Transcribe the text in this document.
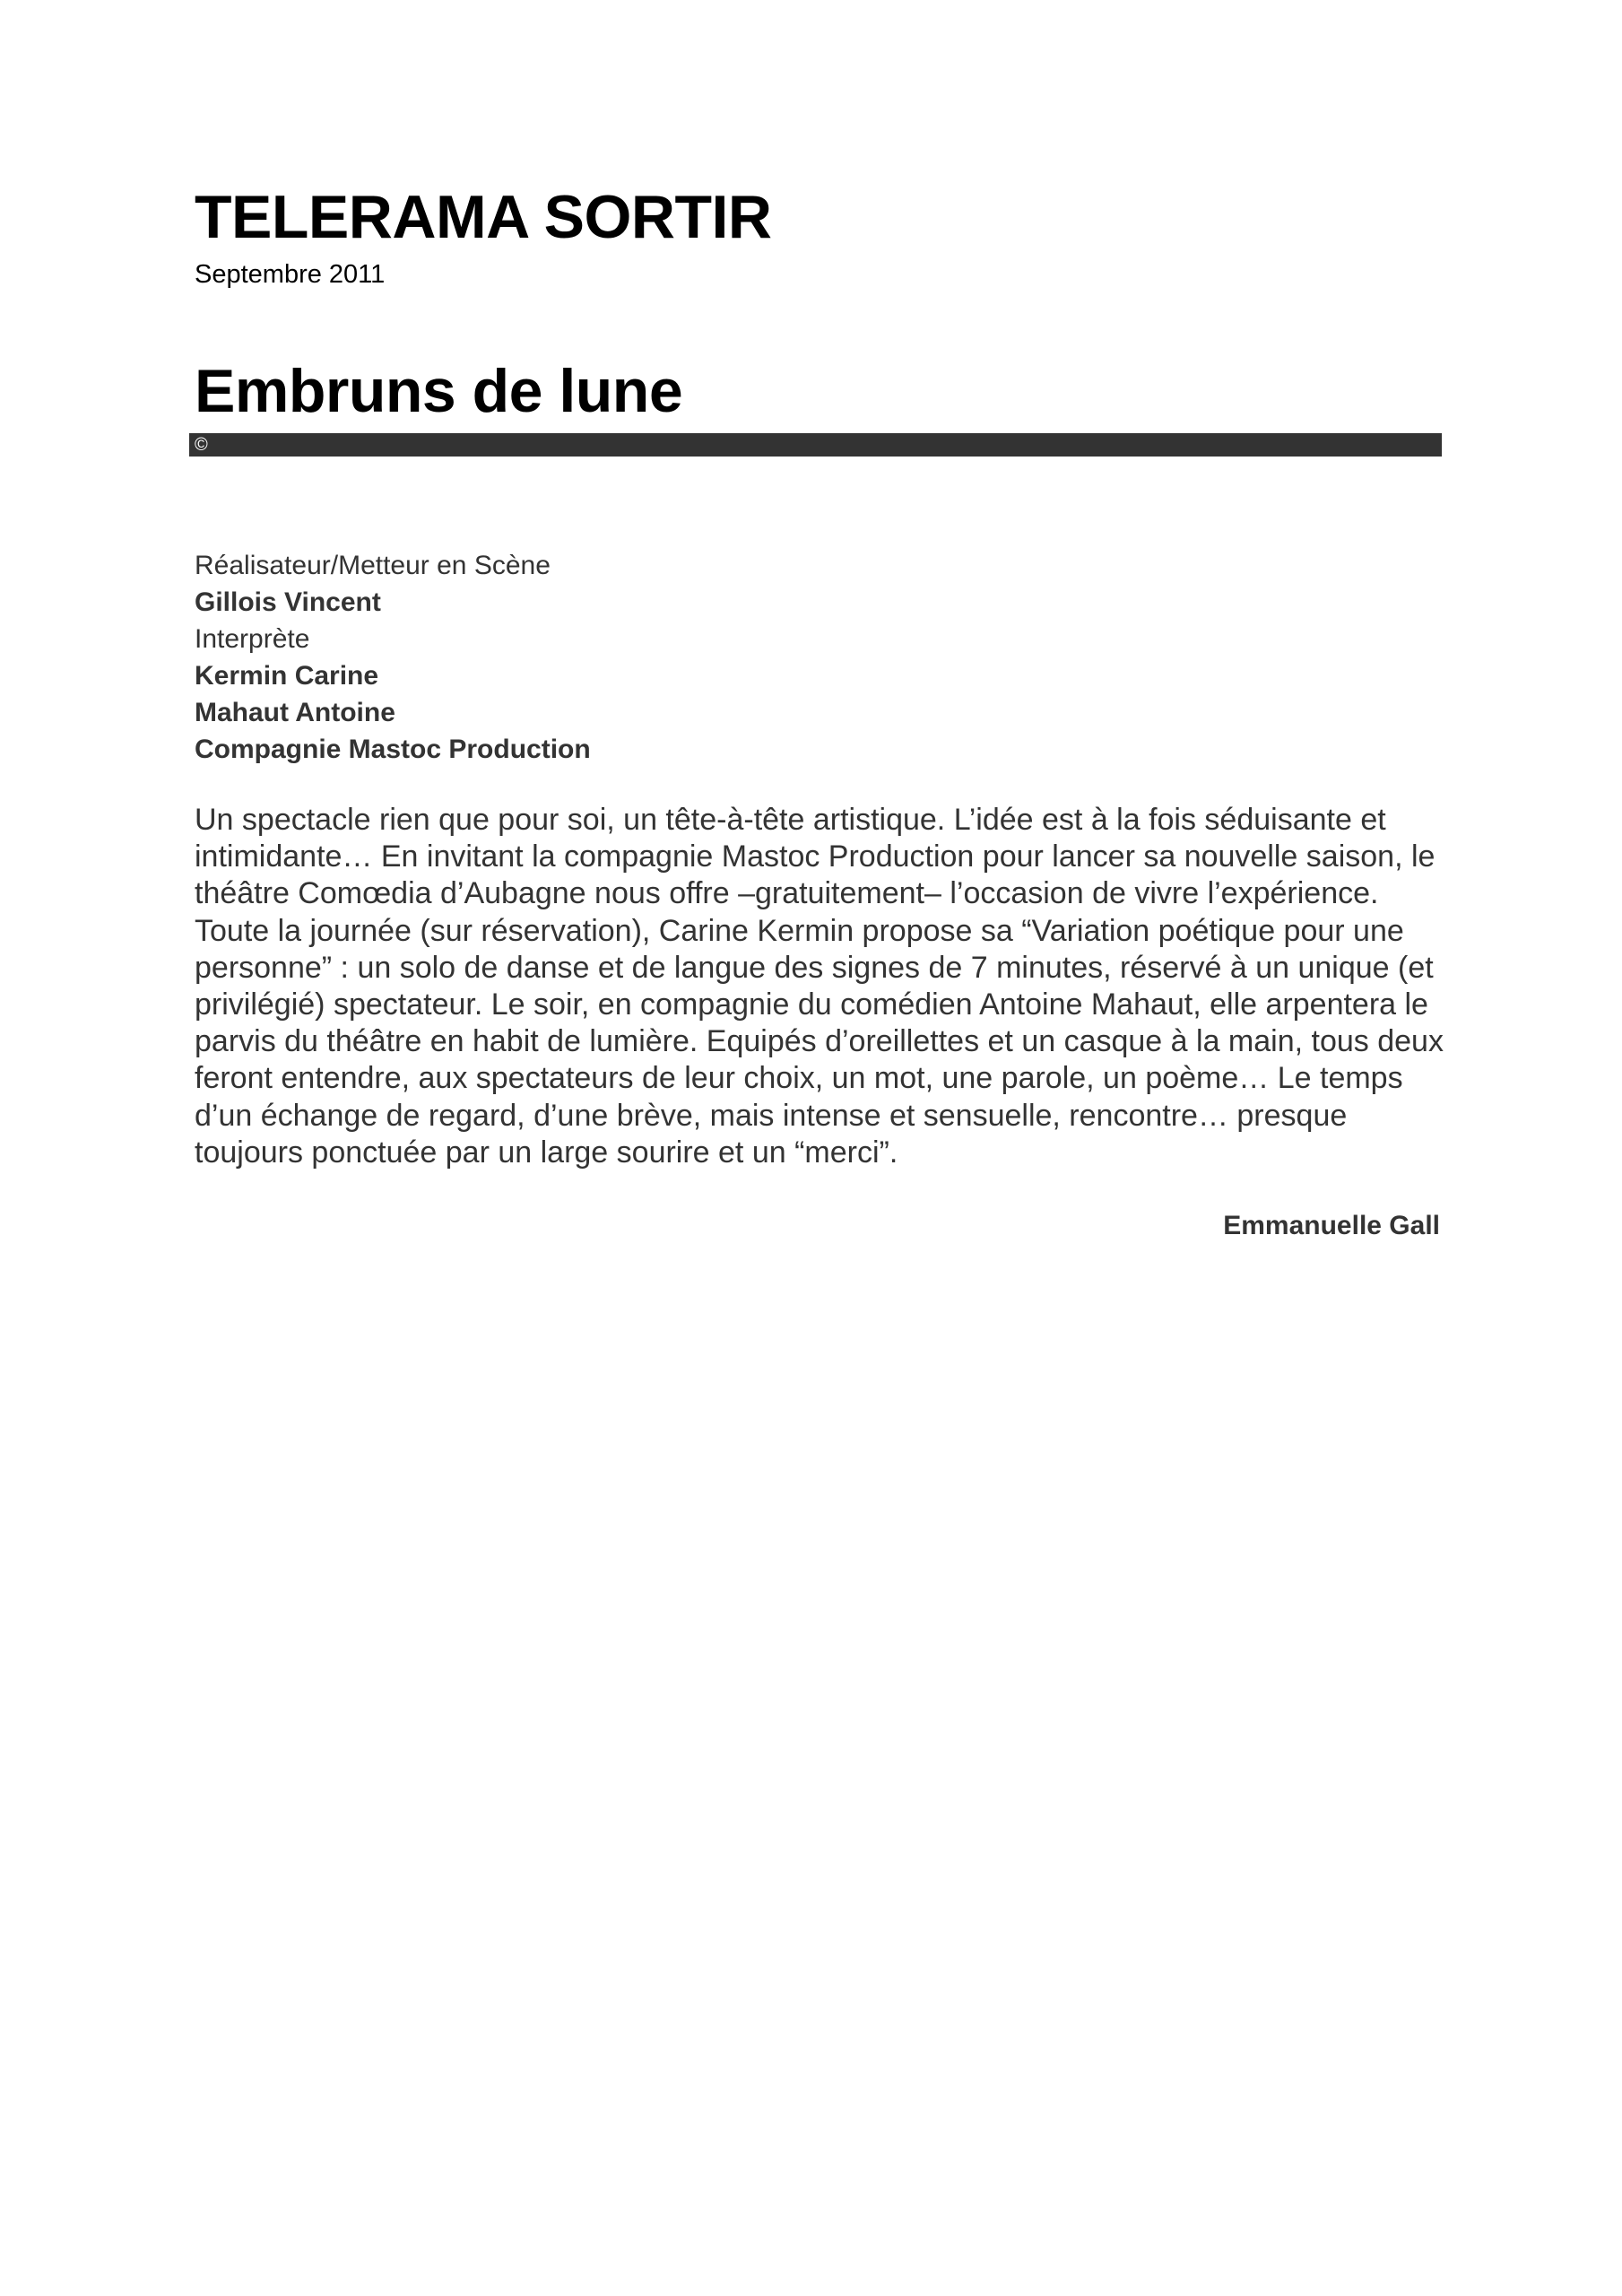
TELERAMA SORTIR
Septembre 2011
Embruns de lune
©
Réalisateur/Metteur en Scène
Gillois Vincent
Interprète
Kermin Carine
Mahaut Antoine
Compagnie Mastoc Production
Un spectacle rien que pour soi, un tête-à-tête artistique. L’idée est à la fois séduisante et
intimidante… En invitant la compagnie Mastoc Production pour lancer sa nouvelle saison, le
théâtre Comœdia d’Aubagne nous offre –gratuitement– l’occasion de vivre l’expérience.
Toute la journée (sur réservation), Carine Kermin propose sa “Variation poétique pour une
personne” : un solo de danse et de langue des signes de 7 minutes, réservé à un unique (et
privilégié) spectateur. Le soir, en compagnie du comédien Antoine Mahaut, elle arpentera le
parvis du théâtre en habit de lumière. Equipés d’oreillettes et un casque à la main, tous deux
feront entendre, aux spectateurs de leur choix, un mot, une parole, un poème… Le temps
d’un échange de regard, d’une brève, mais intense et sensuelle, rencontre… presque
toujours ponctuée par un large sourire et un “merci”.
Emmanuelle Gall
